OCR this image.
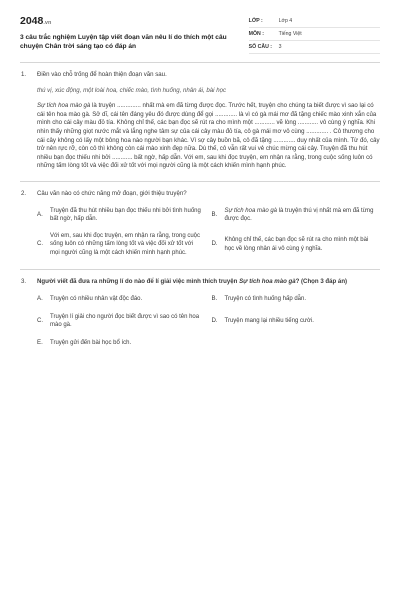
2048.vn
3 câu trắc nghiệm Luyện tập viết đoạn văn nêu lí do thích một câu chuyện Chân trời sáng tạo có đáp án
LỚP :	Lớp 4
MÔN :	Tiếng Việt
SỐ CÂU :	3
1.	Điền vào chỗ trống để hoàn thiện đoạn văn sau.
thú vị, xúc động, một loài hoa, chiếc mào, tình huống, nhân ái, bài học
Sự tích hoa mào gà là truyện .............. nhất mà em đã từng được đọc. Trước hết, truyện cho chúng ta biết được vì sao lại có cái tên hoa mào gà. Sở dĩ, cái tên đáng yêu đó được dùng để gọi ............. là vì có gà mái mơ đã tặng chiếc mào xinh xắn của mình cho cái cây màu đỏ tía. Không chỉ thế, các bạn đọc sẽ rút ra cho mình một ............ vẽ lòng ............ vô cùng ý nghĩa. Khi nhìn thấy những giọt nước mắt và lắng nghe tâm sự của cái cây màu đỏ tía, cô gà mái mơ vô cùng ............. . Cô thương cho cái cây không có lấy một bông hoa nào người bạn khác. Vì sợ cây buồn bã, cô đã tặng ............. duy nhất của mình. Từ đó, cây trở nên rực rỡ, còn cô thì không còn cái mào xinh đẹp nữa. Dù thế, cô vẫn rất vui vẻ chúc mừng cái cây. Truyện đã thu hút nhiều bạn đọc thiếu nhi bởi ............ bất ngờ, hấp dẫn. Với em, sau khi đọc truyện, em nhận ra rằng, trong cuộc sống luôn có những tấm lòng tốt và việc đối xử tốt với mọi người cũng là một cách khiến mình hạnh phúc.
2.	Câu văn nào có chức năng mở đoạn, giới thiệu truyện?
A.
Truyện đã thu hút nhiều bạn đọc thiếu nhi bởi tình huống bất ngờ, hấp dẫn.
B.
Sự tích hoa mào gà là truyện thú vị nhất mà em đã từng được đọc.
C.
Với em, sau khi đọc truyện, em nhận ra rằng, trong cuộc sống luôn có những tấm lòng tốt và việc đối xử tốt với mọi người cũng là một cách khiến mình hạnh phúc.
D.
Không chỉ thế, các bạn đọc sẽ rút ra cho mình một bài học về lòng nhân ái vô cùng ý nghĩa.
3.	Người viết đã đưa ra những lí do nào để lí giải việc mình thích truyện Sự tích hoa mào gà? (Chọn 3 đáp án)
A.	Truyện có nhiều nhân vật độc đáo.	B.	Truyện có tình huống hấp dẫn.
C.
Truyện lí giải cho người đọc biết được vì sao có tên hoa mào gà.
D.	Truyện mang lại nhiều tiếng cười.
E.	Truyện gửi đến bài học bổ ích.
